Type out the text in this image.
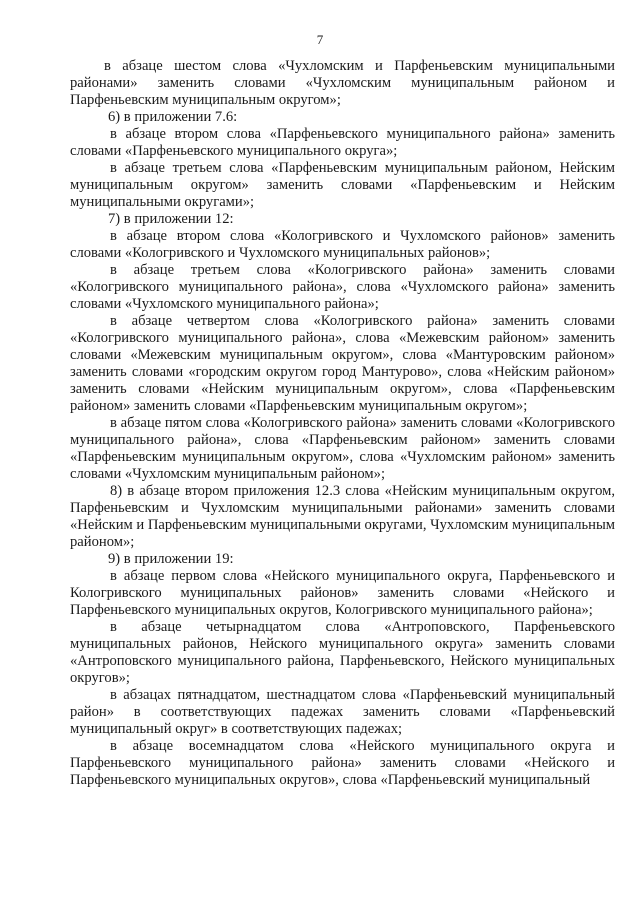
7

в абзаце шестом слова «Чухломским и Парфеньевским муниципальными районами» заменить словами «Чухломским муниципальным районом и Парфеньевским муниципальным округом»;

6) в приложении 7.6:

в абзаце втором слова «Парфеньевского муниципального района» заменить словами «Парфеньевского муниципального округа»;

в абзаце третьем слова «Парфеньевским муниципальным районом, Нейским муниципальным округом» заменить словами «Парфеньевским и Нейским муниципальными округами»;

7) в приложении 12:

в абзаце втором слова «Кологривского и Чухломского районов» заменить словами «Кологривского и Чухломского муниципальных районов»;

в абзаце третьем слова «Кологривского района» заменить словами «Кологривского муниципального района», слова «Чухломского района» заменить словами «Чухломского муниципального района»;

в абзаце четвертом слова «Кологривского района» заменить словами «Кологривского муниципального района», слова «Межевским районом» заменить словами «Межевским муниципальным округом», слова «Мантуровским районом» заменить словами «городским округом город Мантурово», слова «Нейским районом» заменить словами «Нейским муниципальным округом», слова «Парфеньевским районом» заменить словами «Парфеньевским муниципальным округом»;

в абзаце пятом слова «Кологривского района» заменить словами «Кологривского муниципального района», слова «Парфеньевским районом» заменить словами «Парфеньевским муниципальным округом», слова «Чухломским районом» заменить словами «Чухломским муниципальным районом»;

8) в абзаце втором приложения 12.3 слова «Нейским муниципальным округом, Парфеньевским и Чухломским муниципальными районами» заменить словами «Нейским и Парфеньевским муниципальными округами, Чухломским муниципальным районом»;

9) в приложении 19:

в абзаце первом слова «Нейского муниципального округа, Парфеньевского и Кологривского муниципальных районов» заменить словами «Нейского и Парфеньевского муниципальных округов, Кологривского муниципального района»;

в абзаце четырнадцатом слова «Антроповского, Парфеньевского муниципальных районов, Нейского муниципального округа» заменить словами «Антроповского муниципального района, Парфеньевского, Нейского муниципальных округов»;

в абзацах пятнадцатом, шестнадцатом слова «Парфеньевский муниципальный район» в соответствующих падежах заменить словами «Парфеньевский муниципальный округ» в соответствующих падежах;

в абзаце восемнадцатом слова «Нейского муниципального округа и Парфеньевского муниципального района» заменить словами «Нейского и Парфеньевского муниципальных округов», слова «Парфеньевский муниципальный
